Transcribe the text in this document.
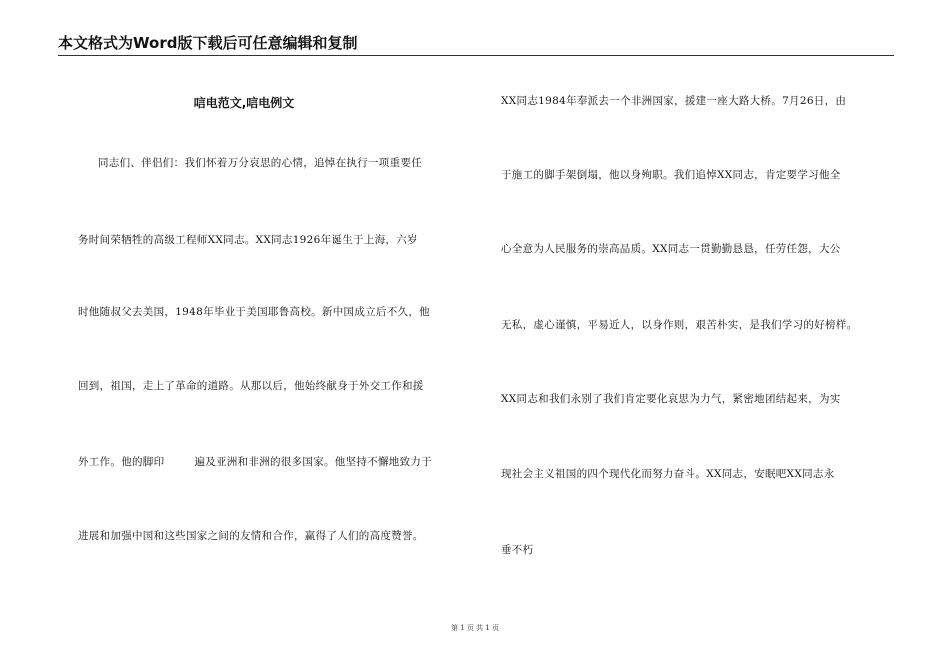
本文格式为Word版下载后可任意编辑和复制
唁电范文,唁电例文
同志们、伴侣们：我们怀着万分哀思的心情，追悼在执行一项重要任
务时间荣牺牲的高级工程师XX同志。XX同志1926年诞生于上海，六岁
时他随叔父去美国，1948年毕业于美国耶鲁高校。新中国成立后不久，他
回到，祖国，走上了革命的道路。从那以后，他始终献身于外交工作和援
外工作。他的脚印	遍及亚洲和非洲的很多国家。他坚持不懈地致力于
进展和加强中国和这些国家之间的友情和合作，赢得了人们的高度赞誉。
XX同志1984年奉派去一个非洲国家，援建一座大路大桥。7月26日，由
于施工的脚手架倒塌，他以身殉职。我们追悼XX同志，肯定要学习他全
心全意为人民服务的崇高品质。XX同志一贯勤勤恳恳，任劳任怨，大公
无私，虚心谨慎，平易近人，以身作则，艰苦朴实，是我们学习的好榜样。
XX同志和我们永别了我们肯定要化哀思为力气，紧密地团结起来，为实
现社会主义祖国的四个现代化而努力奋斗。XX同志，安眠吧XX同志永
垂不朽
第 1 页 共 1 页
